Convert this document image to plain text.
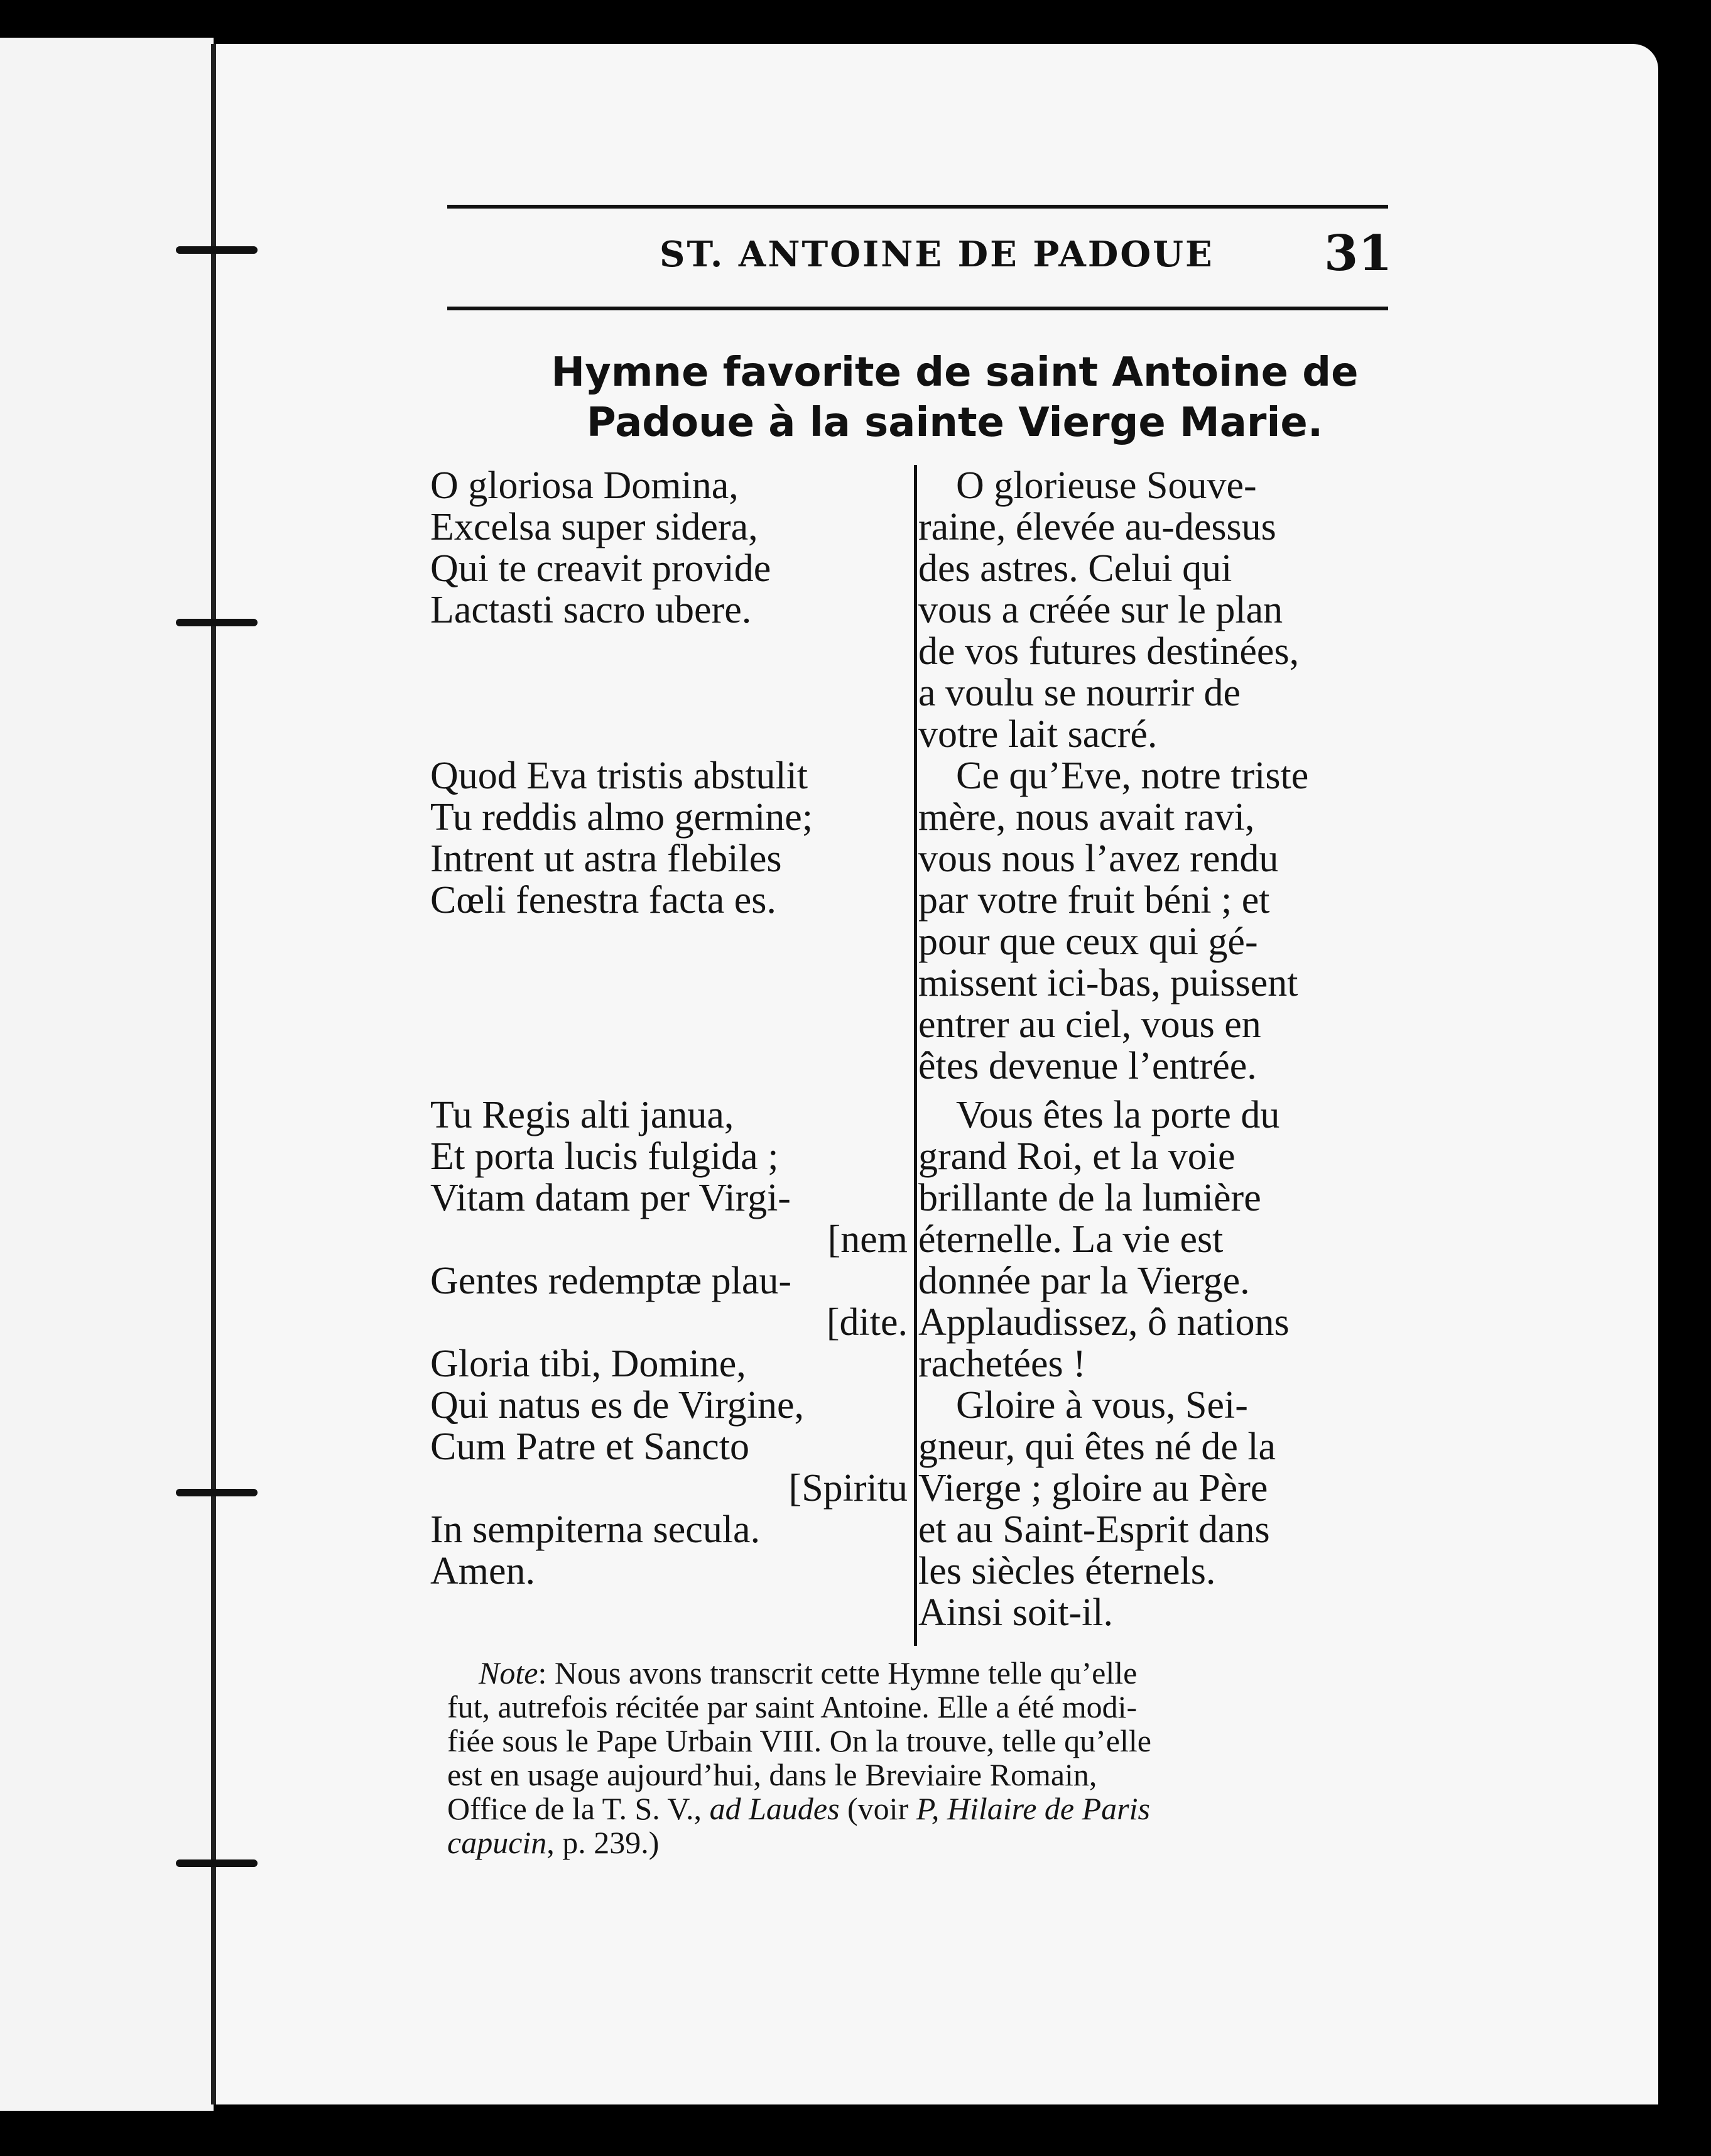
ST. ANTOINE DE PADOUE 31
Hymne favorite de saint Antoine de
Padoue à la sainte Vierge Marie.
O gloriosa Domina,
Excelsa super sidera,
Qui te creavit provide
Lactasti sacro ubere.
Quod Eva tristis abstulit
Tu reddis almo germine;
Intrent ut astra flebiles
Cœli fenestra facta es.
Tu Regis alti janua,
Et porta lucis fulgida ;
Vitam datam per Virgi-
[nem
Gentes redemptæ plau-
[dite.
Gloria tibi, Domine,
Qui natus es de Virgine,
Cum Patre et Sancto
[Spiritu
In sempiterna secula.
Amen.
O glorieuse Souve-
raine, élevée au-dessus
des astres. Celui qui
vous a créée sur le plan
de vos futures destinées,
a voulu se nourrir de
votre lait sacré.
Ce qu’Eve, notre triste
mère, nous avait ravi,
vous nous l’avez rendu
par votre fruit béni ; et
pour que ceux qui gé-
missent ici-bas, puissent
entrer au ciel, vous en
êtes devenue l’entrée.
Vous êtes la porte du
grand Roi, et la voie
brillante de la lumière
éternelle. La vie est
donnée par la Vierge.
Applaudissez, ô nations
rachetées !
Gloire à vous, Sei-
gneur, qui êtes né de la
Vierge ; gloire au Père
et au Saint-Esprit dans
les siècles éternels.
Ainsi soit-il.
Note: Nous avons transcrit cette Hymne telle qu’elle
fut, autrefois récitée par saint Antoine. Elle a été modi-
fiée sous le Pape Urbain VIII. On la trouve, telle qu’elle
est en usage aujourd’hui, dans le Breviaire Romain,
Office de la T. S. V., ad Laudes (voir P, Hilaire de Paris
capucin, p. 239.)
